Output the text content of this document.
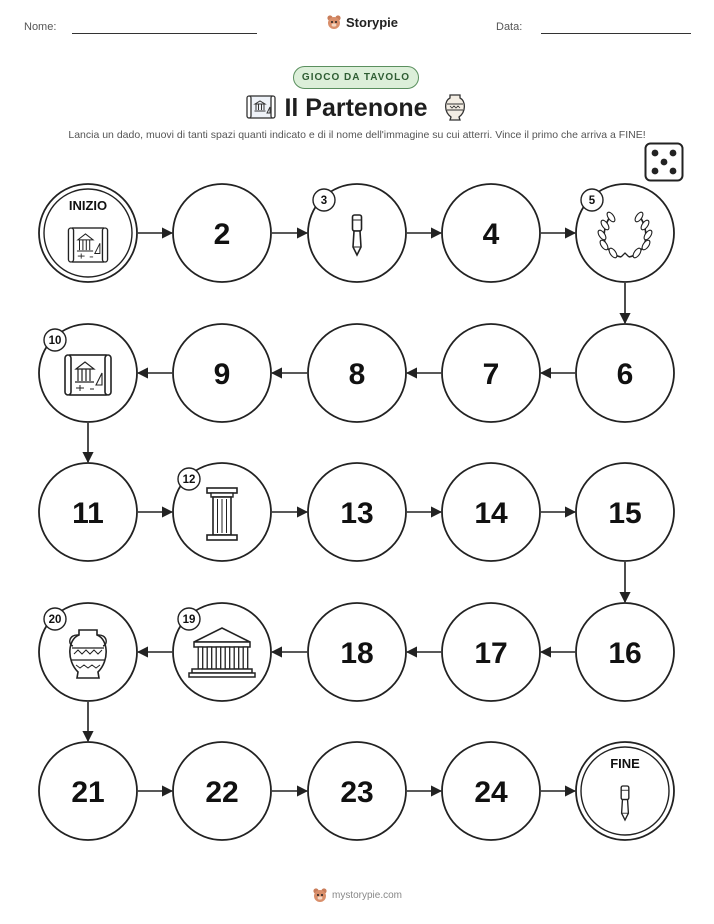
Nome:	Storypie	Data:
GIOCO DA TAVOLO
Il Partenone
Lancia un dado, muovi di tanti spazi quanti indicato e di il nome dell'immagine su cui atterri. Vince il primo che arriva a FINE!
INIZIO
2
3
4
5
6
7
8
9
10
11
12
13	14	15
16
17
18
19
20
21	22	23	24
FINE
mystorypie.com
